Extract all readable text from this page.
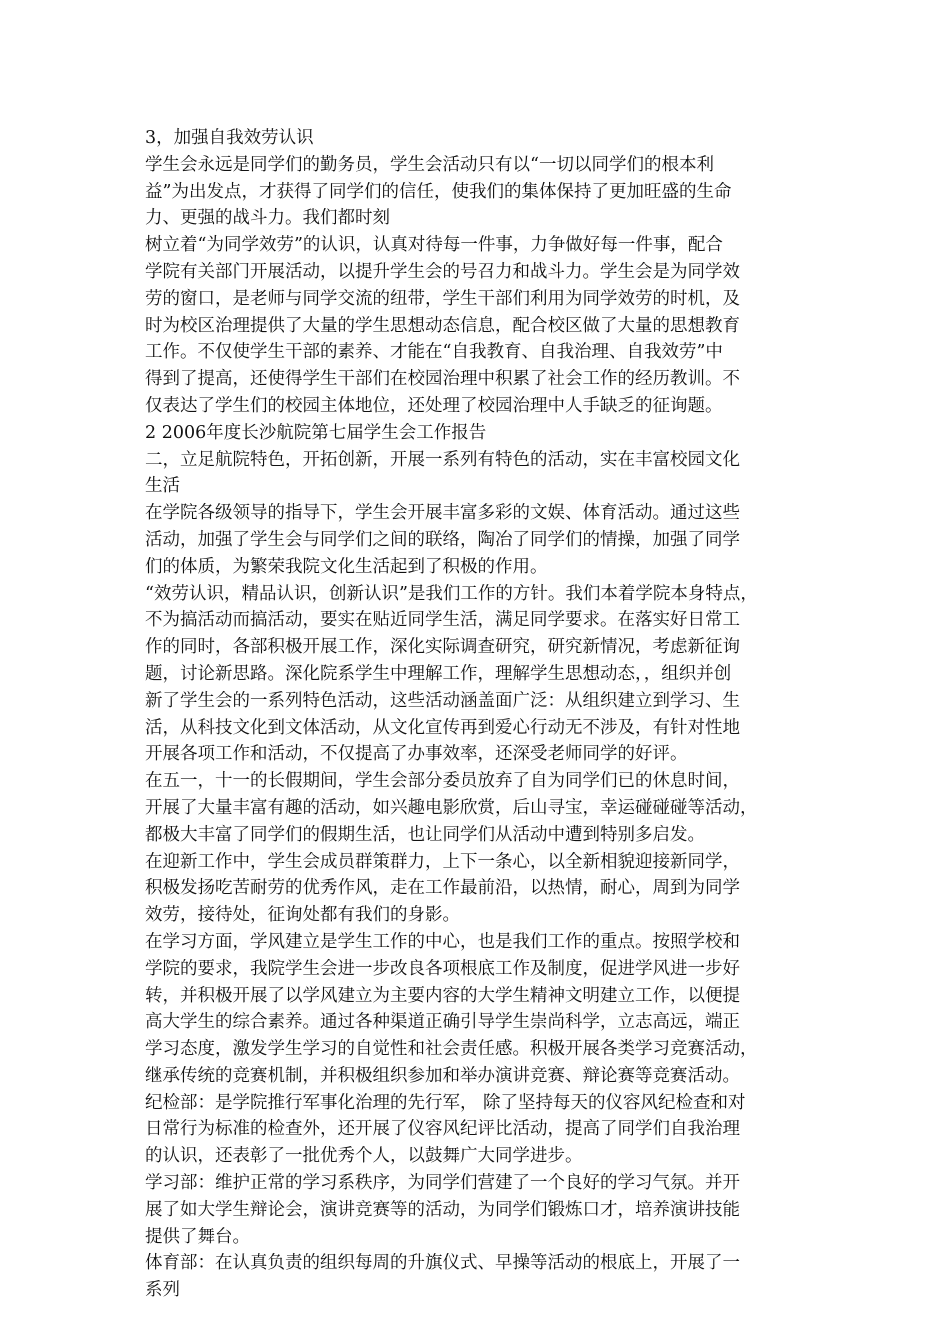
3，加强自我效劳认识
学生会永远是同学们的勤务员，学生会活动只有以“一切以同学们的根本利
益”为出发点，才获得了同学们的信任，使我们的集体保持了更加旺盛的生命
力、更强的战斗力。我们都时刻
树立着“为同学效劳”的认识，认真对待每一件事，力争做好每一件事，配合
学院有关部门开展活动，以提升学生会的号召力和战斗力。学生会是为同学效
劳的窗口，是老师与同学交流的纽带，学生干部们利用为同学效劳的时机，及
时为校区治理提供了大量的学生思想动态信息，配合校区做了大量的思想教育
工作。不仅使学生干部的素养、才能在“自我教育、自我治理、自我效劳”中
得到了提高，还使得学生干部们在校园治理中积累了社会工作的经历教训。不
仅表达了学生们的校园主体地位，还处理了校园治理中人手缺乏的征询题。
2 2006年度长沙航院第七届学生会工作报告
二，立足航院特色，开拓创新，开展一系列有特色的活动，实在丰富校园文化
生活
在学院各级领导的指导下，学生会开展丰富多彩的文娱、体育活动。通过这些
活动，加强了学生会与同学们之间的联络，陶冶了同学们的情操，加强了同学
们的体质，为繁荣我院文化生活起到了积极的作用。
“效劳认识，精品认识，创新认识”是我们工作的方针。我们本着学院本身特点，
不为搞活动而搞活动，要实在贴近同学生活，满足同学要求。在落实好日常工
作的同时，各部积极开展工作，深化实际调查研究，研究新情况，考虑新征询
题，讨论新思路。深化院系学生中理解工作，理解学生思想动态，，组织并创
新了学生会的一系列特色活动，这些活动涵盖面广泛：从组织建立到学习、生
活，从科技文化到文体活动，从文化宣传再到爱心行动无不涉及，有针对性地
开展各项工作和活动，不仅提高了办事效率，还深受老师同学的好评。
在五一，十一的长假期间，学生会部分委员放弃了自为同学们已的休息时间，
开展了大量丰富有趣的活动，如兴趣电影欣赏，后山寻宝，幸运碰碰碰等活动，
都极大丰富了同学们的假期生活，也让同学们从活动中遭到特别多启发。
在迎新工作中，学生会成员群策群力，上下一条心，以全新相貌迎接新同学，
积极发扬吃苦耐劳的优秀作风，走在工作最前沿，以热情，耐心，周到为同学
效劳，接待处，征询处都有我们的身影。
在学习方面，学风建立是学生工作的中心，也是我们工作的重点。按照学校和
学院的要求，我院学生会进一步改良各项根底工作及制度，促进学风进一步好
转，并积极开展了以学风建立为主要内容的大学生精神文明建立工作，以便提
高大学生的综合素养。通过各种渠道正确引导学生崇尚科学，立志高远，端正
学习态度，激发学生学习的自觉性和社会责任感。积极开展各类学习竞赛活动，
继承传统的竞赛机制，并积极组织参加和举办演讲竞赛、辩论赛等竞赛活动。
纪检部：是学院推行军事化治理的先行军， 除了坚持每天的仪容风纪检查和对
日常行为标准的检查外，还开展了仪容风纪评比活动，提高了同学们自我治理
的认识，还表彰了一批优秀个人，以鼓舞广大同学进步。
学习部：维护正常的学习系秩序，为同学们营建了一个良好的学习气氛。并开
展了如大学生辩论会，演讲竞赛等的活动，为同学们锻炼口才，培养演讲技能
提供了舞台。
体育部：在认真负责的组织每周的升旗仪式、早操等活动的根底上，开展了一
系列
